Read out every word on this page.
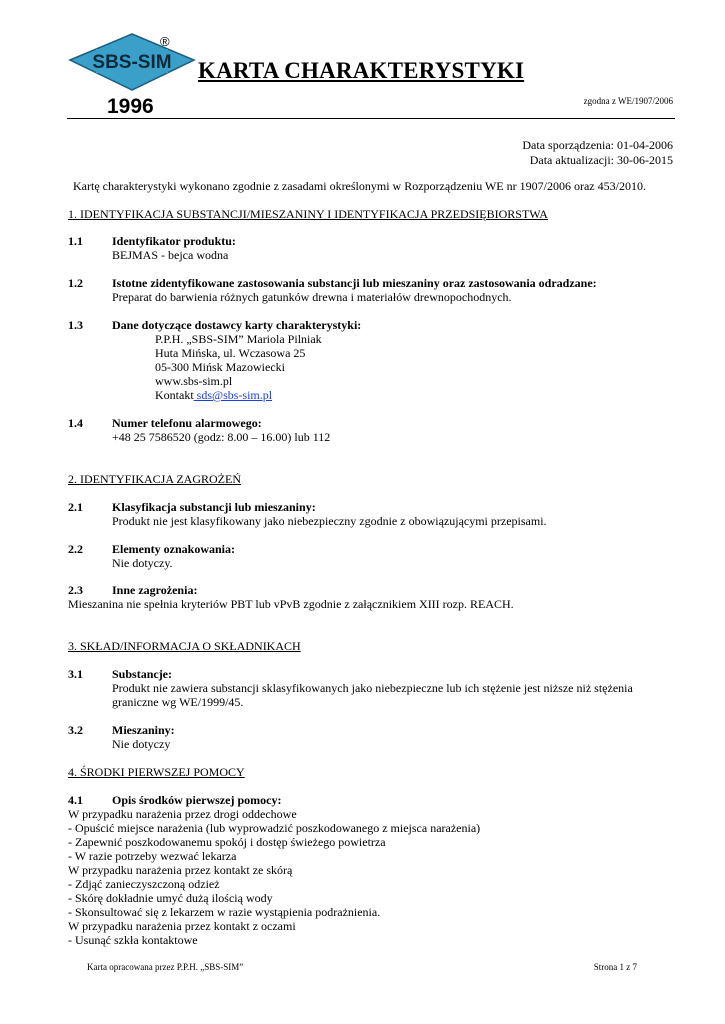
SBS-SIM
®
1996
KARTA CHARAKTERYSTYKI
zgodna z WE/1907/2006
Data sporządzenia: 01-04-2006
Data aktualizacji: 30-06-2015
Kartę charakterystyki wykonano zgodnie z zasadami określonymi w Rozporządzeniu WE nr 1907/2006 oraz 453/2010.
1. IDENTYFIKACJA SUBSTANCJI/MIESZANINY I IDENTYFIKACJA PRZEDSIĘBIORSTWA
1.1 Identyfikator produktu:
BEJMAS - bejca wodna
1.2 Istotne zidentyfikowane zastosowania substancji lub mieszaniny oraz zastosowania odradzane:
Preparat do barwienia różnych gatunków drewna i materiałów drewnopochodnych.
1.3 Dane dotyczące dostawcy karty charakterystyki:
P.P.H. „SBS-SIM” Mariola Pilniak
Huta Mińska, ul. Wczasowa 25
05-300 Mińsk Mazowiecki
www.sbs-sim.pl
Kontakt sds@sbs-sim.pl
1.4 Numer telefonu alarmowego:
+48 25 7586520 (godz: 8.00 – 16.00) lub 112
2. IDENTYFIKACJA ZAGROŻEŃ
2.1 Klasyfikacja substancji lub mieszaniny:
Produkt nie jest klasyfikowany jako niebezpieczny zgodnie z obowiązującymi przepisami.
2.2 Elementy oznakowania:
Nie dotyczy.
2.3 Inne zagrożenia:
Mieszanina nie spełnia kryteriów PBT lub vPvB zgodnie z załącznikiem XIII rozp. REACH.
3. SKŁAD/INFORMACJA O SKŁADNIKACH
3.1 Substancje:
Produkt nie zawiera substancji sklasyfikowanych jako niebezpieczne lub ich stężenie jest niższe niż stężenia
graniczne wg WE/1999/45.
3.2 Mieszaniny:
Nie dotyczy
4. ŚRODKI PIERWSZEJ POMOCY
4.1 Opis środków pierwszej pomocy:
W przypadku narażenia przez drogi oddechowe
- Opuścić miejsce narażenia (lub wyprowadzić poszkodowanego z miejsca narażenia)
- Zapewnić poszkodowanemu spokój i dostęp świeżego powietrza
- W razie potrzeby wezwać lekarza
W przypadku narażenia przez kontakt ze skórą
- Zdjąć zanieczyszczoną odzież
- Skórę dokładnie umyć dużą ilością wody
- Skonsultować się z lekarzem w razie wystąpienia podrażnienia.
W przypadku narażenia przez kontakt z oczami
- Usunąć szkła kontaktowe
Karta opracowana przez P.P.H. „SBS-SIM”	Strona 1 z 7
